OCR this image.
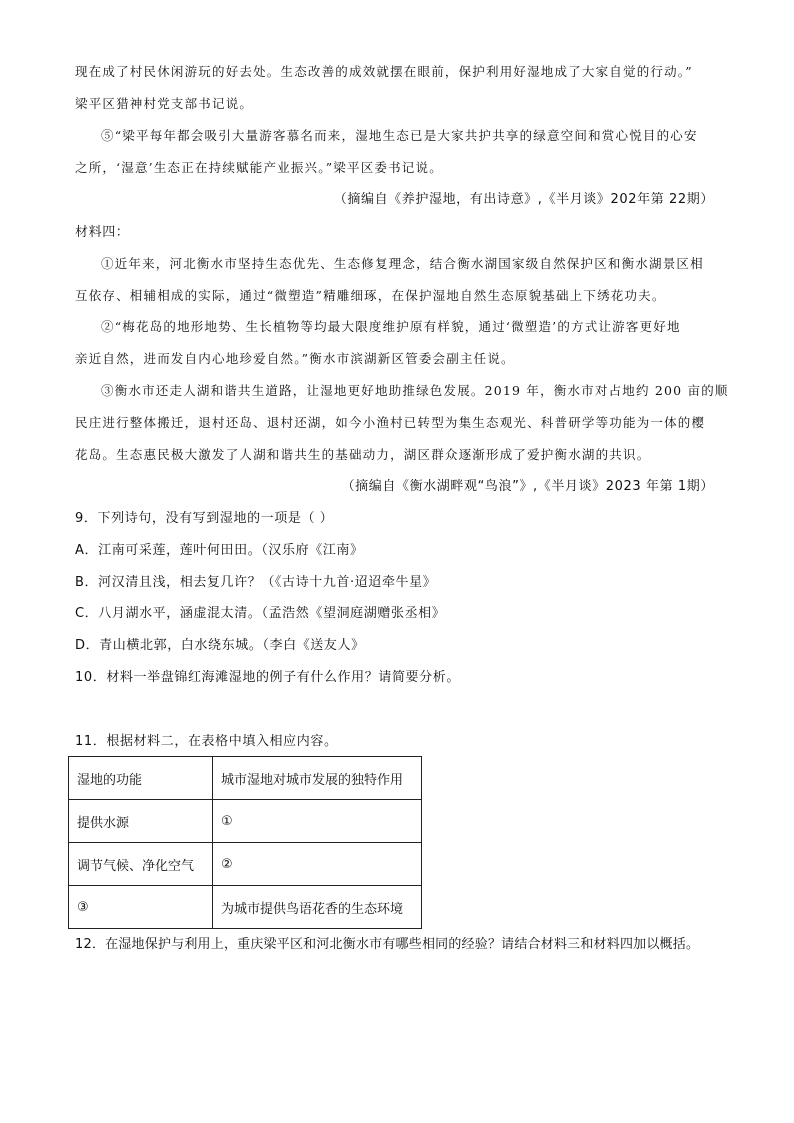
现在成了村民休闲游玩的好去处。生态改善的成效就摆在眼前，保护利用好湿地成了大家自觉的行动。”
梁平区猎神村党支部书记说。
⑤“梁平每年都会吸引大量游客慕名而来，湿地生态已是大家共护共享的绿意空间和赏心悦目的心安
之所，‘湿意’生态正在持续赋能产业振兴。”梁平区委书记说。
（摘编自《养护湿地，有出诗意》,《半月谈》202年第 22期）
材料四：
①近年来，河北衡水市坚持生态优先、生态修复理念，结合衡水湖国家级自然保护区和衡水湖景区相
互依存、相辅相成的实际，通过“微塑造”精雕细琢，在保护湿地自然生态原貌基础上下绣花功夫。
②“梅花岛的地形地势、生长植物等均最大限度维护原有样貌，通过‘微塑造’的方式让游客更好地
亲近自然，进而发自内心地珍爱自然。”衡水市滨湖新区管委会副主任说。
③衡水市还走人湖和谐共生道路，让湿地更好地助推绿色发展。2019 年，衡水市对占地约 200 亩的顺
民庄进行整体搬迁，退村还岛、退村还湖，如今小渔村已转型为集生态观光、科普研学等功能为一体的樱
花岛。生态惠民极大激发了人湖和谐共生的基础动力，湖区群众逐渐形成了爱护衡水湖的共识。
（摘编自《衡水湖畔观“鸟浪”》,《半月谈》2023 年第 1期）
9．下列诗句，没有写到湿地的一项是（ ）
A．江南可采莲，莲叶何田田。（汉乐府《江南》
B．河汉清且浅，相去复几许？（《古诗十九首·迢迢牵牛星》
C．八月湖水平，涵虚混太清。（孟浩然《望洞庭湖赠张丞相》
D．青山横北郭，白水绕东城。（李白《送友人》
10．材料一举盘锦红海滩湿地的例子有什么作用？请简要分析。
11．根据材料二，在表格中填入相应内容。
湿地的功能	城市湿地对城市发展的独特作用
提供水源	①
调节气候、净化空气	②
③	为城市提供鸟语花香的生态环境
12．在湿地保护与利用上，重庆梁平区和河北衡水市有哪些相同的经验？请结合材料三和材料四加以概括。
